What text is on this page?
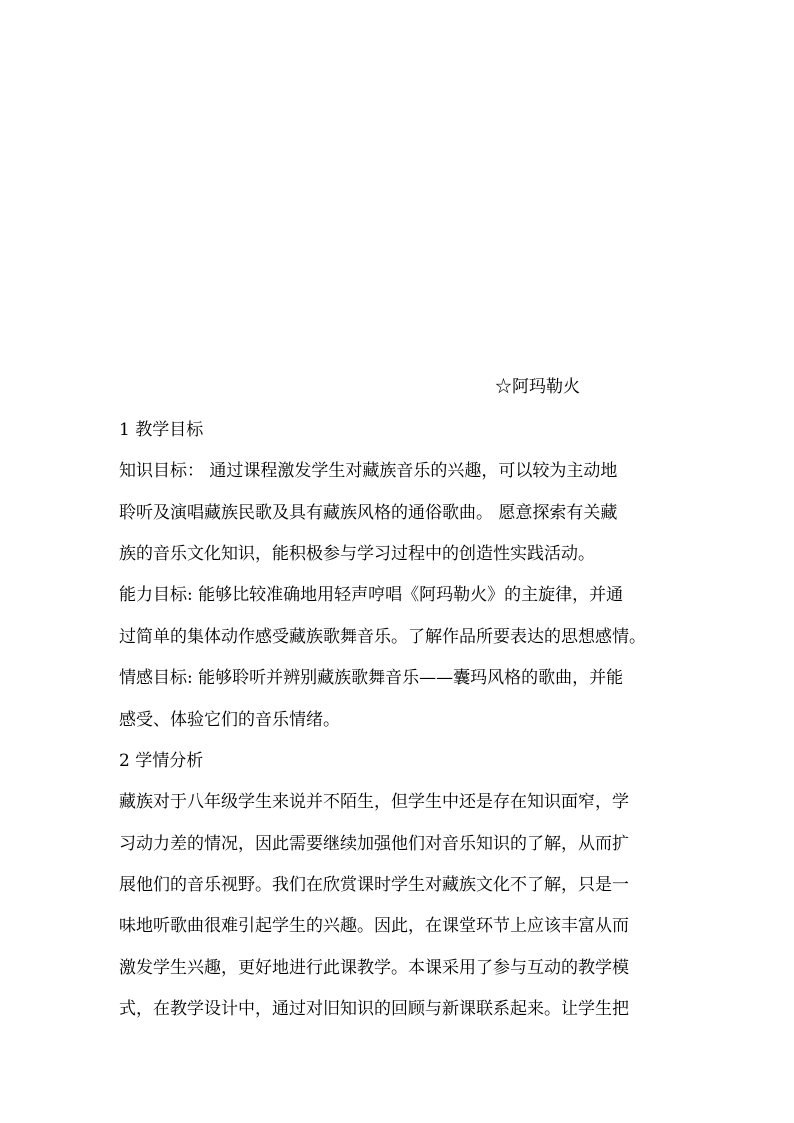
☆阿玛勒火
1 教学目标
知识目标： 通过课程激发学生对藏族音乐的兴趣，可以较为主动地
聆听及演唱藏族民歌及具有藏族风格的通俗歌曲。 愿意探索有关藏
族的音乐文化知识，能积极参与学习过程中的创造性实践活动。
能力目标: 能够比较准确地用轻声哼唱《阿玛勒火》的主旋律，并通
过简单的集体动作感受藏族歌舞音乐。了解作品所要表达的思想感情。
情感目标: 能够聆听并辨别藏族歌舞音乐——囊玛风格的歌曲，并能
感受、体验它们的音乐情绪。
2 学情分析
藏族对于八年级学生来说并不陌生，但学生中还是存在知识面窄，学
习动力差的情况，因此需要继续加强他们对音乐知识的了解，从而扩
展他们的音乐视野。我们在欣赏课时学生对藏族文化不了解，只是一
味地听歌曲很难引起学生的兴趣。因此，在课堂环节上应该丰富从而
激发学生兴趣，更好地进行此课教学。本课采用了参与互动的教学模
式，在教学设计中，通过对旧知识的回顾与新课联系起来。让学生把
